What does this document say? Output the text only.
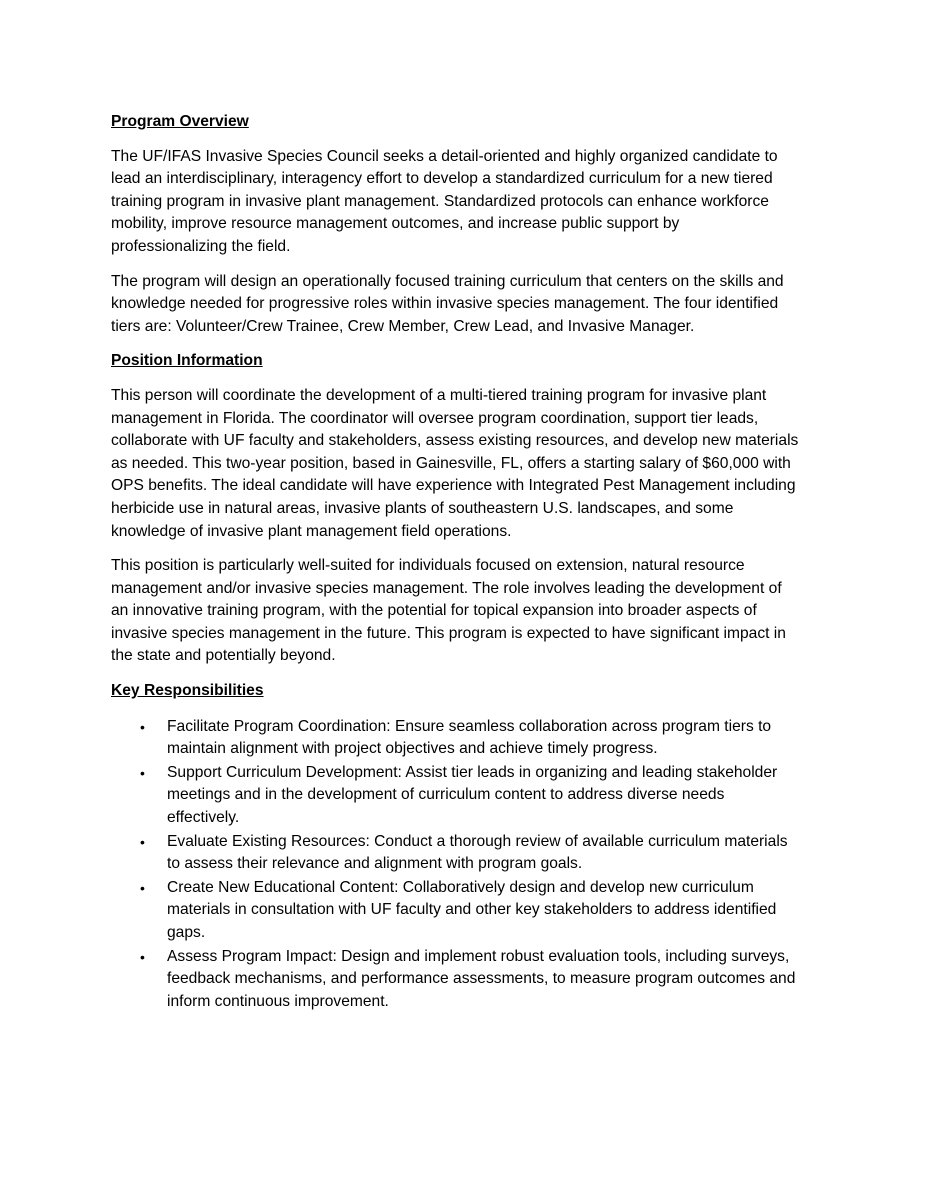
Program Overview
The UF/IFAS Invasive Species Council seeks a detail-oriented and highly organized candidate to
lead an interdisciplinary, interagency effort to develop a standardized curriculum for a new tiered
training program in invasive plant management. Standardized protocols can enhance workforce
mobility, improve resource management outcomes, and increase public support by
professionalizing the field.
The program will design an operationally focused training curriculum that centers on the skills and
knowledge needed for progressive roles within invasive species management. The four identified
tiers are: Volunteer/Crew Trainee, Crew Member, Crew Lead, and Invasive Manager.
Position Information
This person will coordinate the development of a multi-tiered training program for invasive plant
management in Florida. The coordinator will oversee program coordination, support tier leads,
collaborate with UF faculty and stakeholders, assess existing resources, and develop new materials
as needed. This two-year position, based in Gainesville, FL, offers a starting salary of $60,000 with
OPS benefits. The ideal candidate will have experience with Integrated Pest Management including
herbicide use in natural areas, invasive plants of southeastern U.S. landscapes, and some
knowledge of invasive plant management field operations.
This position is particularly well-suited for individuals focused on extension, natural resource
management and/or invasive species management. The role involves leading the development of
an innovative training program, with the potential for topical expansion into broader aspects of
invasive species management in the future. This program is expected to have significant impact in
the state and potentially beyond.
Key Responsibilities
• Facilitate Program Coordination: Ensure seamless collaboration across program tiers to
maintain alignment with project objectives and achieve timely progress.
• Support Curriculum Development: Assist tier leads in organizing and leading stakeholder
meetings and in the development of curriculum content to address diverse needs
effectively.
• Evaluate Existing Resources: Conduct a thorough review of available curriculum materials
to assess their relevance and alignment with program goals.
• Create New Educational Content: Collaboratively design and develop new curriculum
materials in consultation with UF faculty and other key stakeholders to address identified
gaps.
• Assess Program Impact: Design and implement robust evaluation tools, including surveys,
feedback mechanisms, and performance assessments, to measure program outcomes and
inform continuous improvement.
